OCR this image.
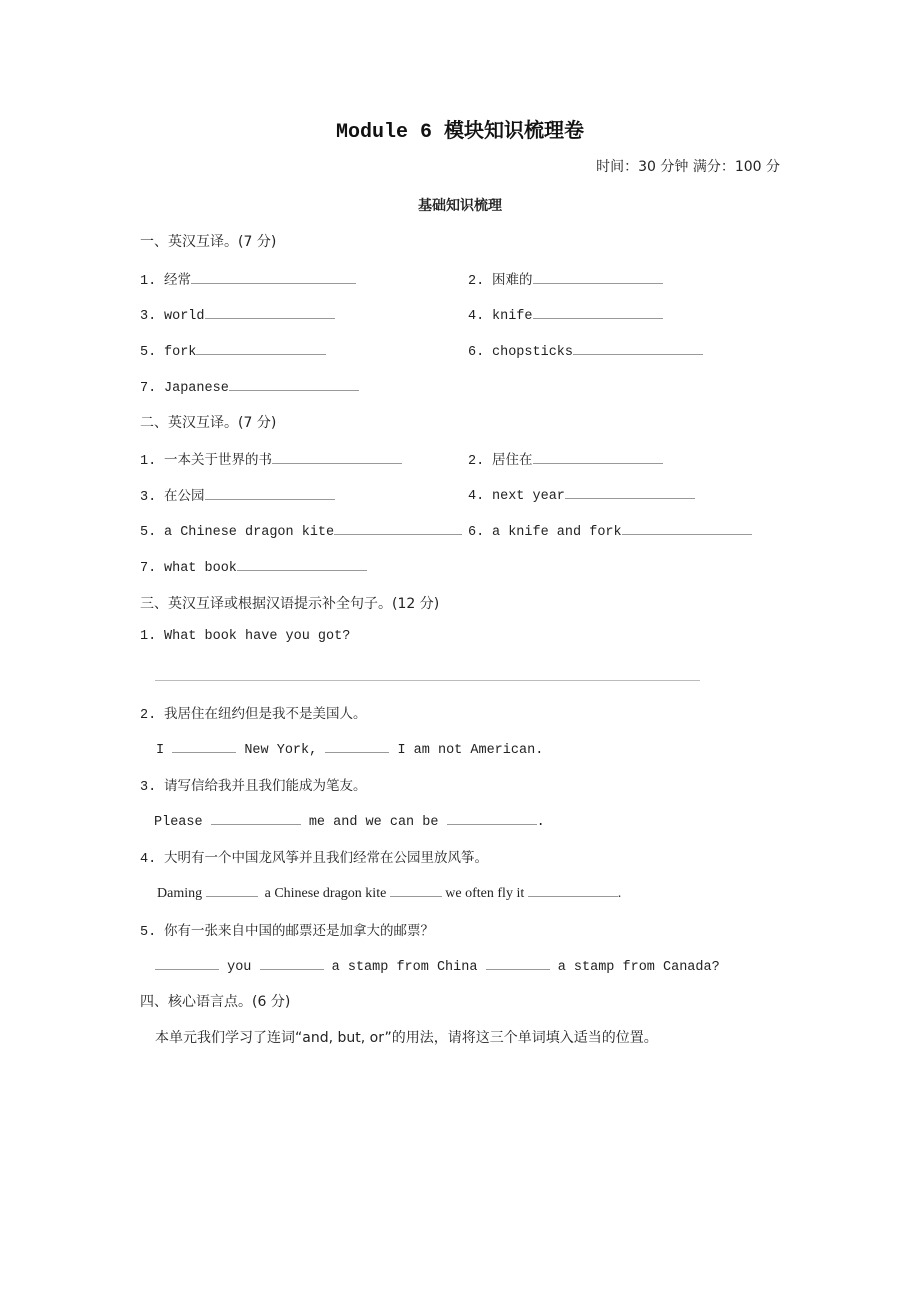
Module 6 模块知识梳理卷
时间：30 分钟 满分：100 分
基础知识梳理
一、英汉互译。(7 分)
1. 经常	2. 困难的
3. world	4. knife
5. fork	6. chopsticks
7. Japanese
二、英汉互译。(7 分)
1. 一本关于世界的书	2. 居住在
3. 在公园	4. next year
5. a Chinese dragon kite	6. a knife and fork
7. what book
三、英汉互译或根据汉语提示补全句子。(12 分)
1. What book have you got?
2. 我居住在纽约但是我不是美国人。
I	New York,	I am not American.
3. 请写信给我并且我们能成为笔友。
Please	me and we can be	.
4. 大明有一个中国龙风筝并且我们经常在公园里放风筝。
Daming	a Chinese dragon kite	we often fly it	.
5. 你有一张来自中国的邮票还是加拿大的邮票？
you	a stamp from China	a stamp from Canada?
四、核心语言点。(6 分)
本单元我们学习了连词“and, but, or”的用法，请将这三个单词填入适当的位置。
